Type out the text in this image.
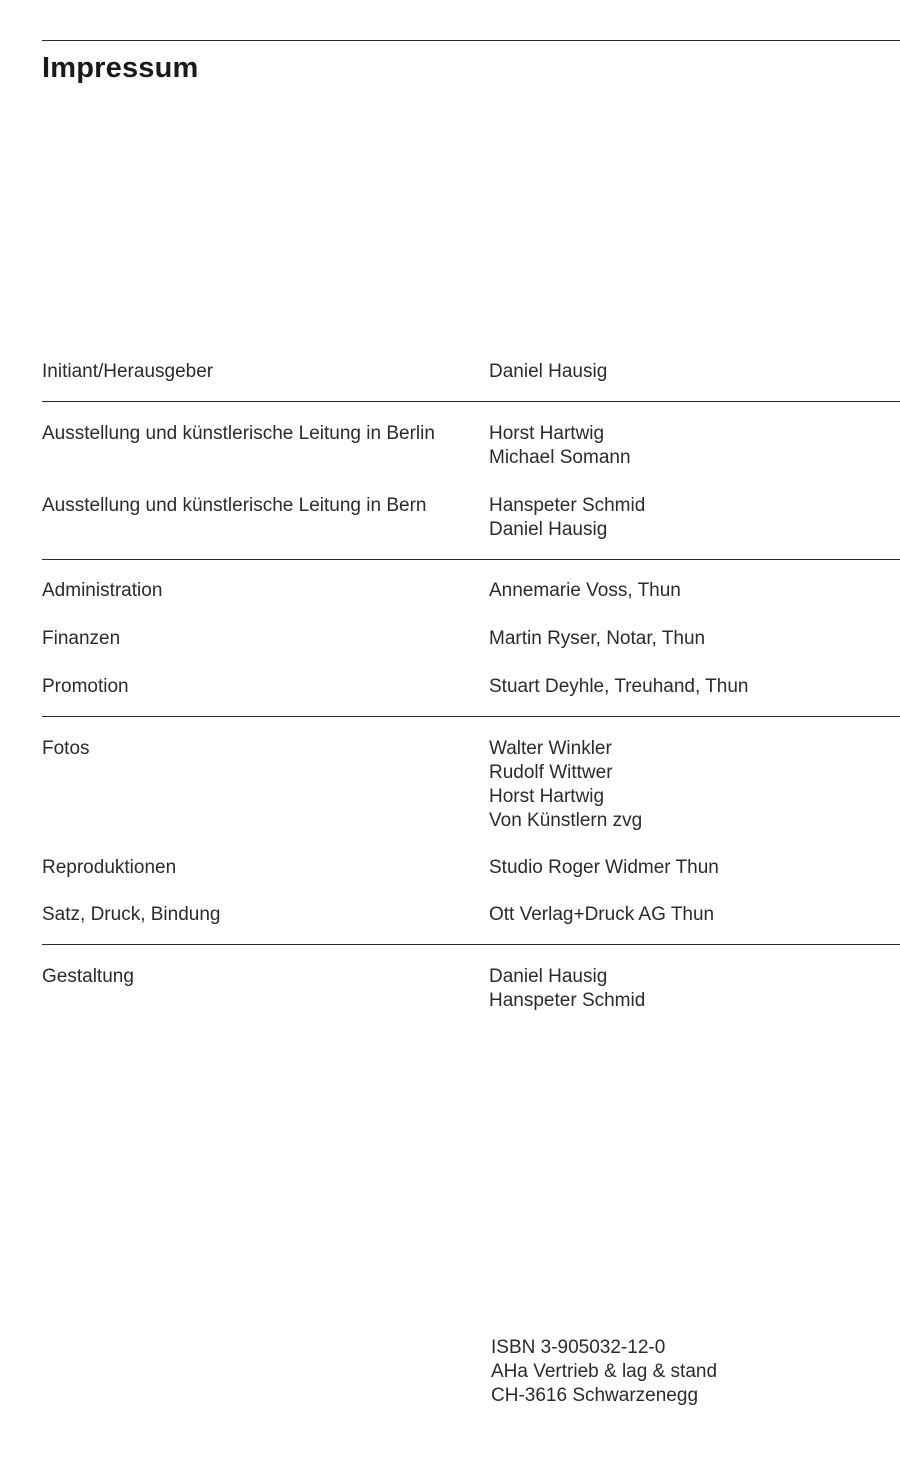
Impressum
Initiant/Herausgeber	Daniel Hausig
Ausstellung und künstlerische Leitung in Berlin	Horst Hartwig
Michael Somann
Ausstellung und künstlerische Leitung in Bern	Hanspeter Schmid
Daniel Hausig
Administration	Annemarie Voss, Thun
Finanzen	Martin Ryser, Notar, Thun
Promotion	Stuart Deyhle, Treuhand, Thun
Fotos	Walter Winkler
Rudolf Wittwer
Horst Hartwig
Von Künstlern zvg
Reproduktionen	Studio Roger Widmer Thun
Satz, Druck, Bindung	Ott Verlag+Druck AG Thun
Gestaltung	Daniel Hausig
Hanspeter Schmid
ISBN 3-905032-12-0
AHa Vertrieb & lag & stand
CH-3616 Schwarzenegg
